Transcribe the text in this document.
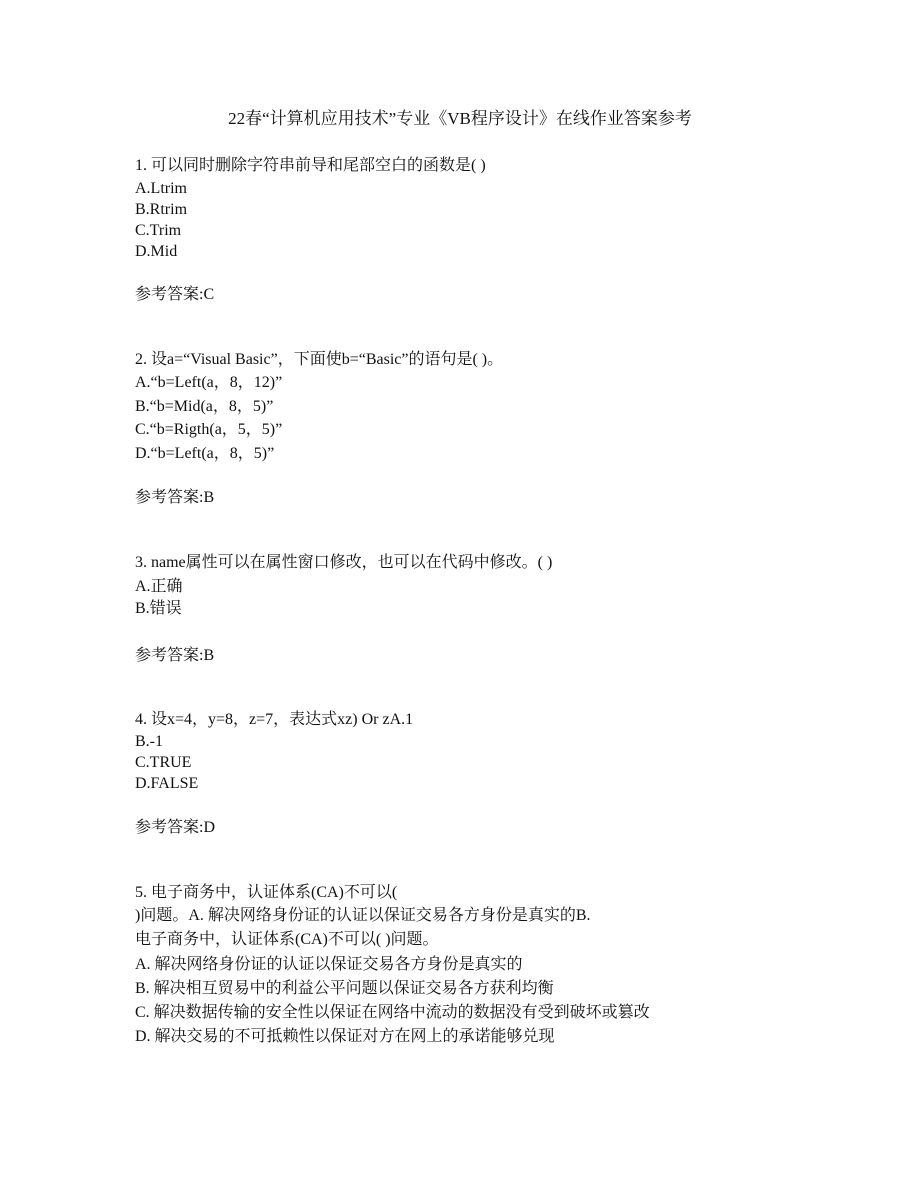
22春“计算机应用技术”专业《VB程序设计》在线作业答案参考
1. 可以同时删除字符串前导和尾部空白的函数是( )
A.Ltrim
B.Rtrim
C.Trim
D.Mid
参考答案:C
2. 设a=“Visual Basic”，下面使b=“Basic”的语句是( )。
A.“b=Left(a，8，12)”
B.“b=Mid(a，8，5)”
C.“b=Rigth(a，5，5)”
D.“b=Left(a，8，5)”
参考答案:B
3. name属性可以在属性窗口修改，也可以在代码中修改。( )
A.正确
B.错误
参考答案:B
4. 设x=4，y=8，z=7，表达式xz) Or zA.1
B.-1
C.TRUE
D.FALSE
参考答案:D
5. 电子商务中，认证体系(CA)不可以(
)问题。A. 解决网络身份证的认证以保证交易各方身份是真实的B.
电子商务中，认证体系(CA)不可以( )问题。
A. 解决网络身份证的认证以保证交易各方身份是真实的
B. 解决相互贸易中的利益公平问题以保证交易各方获利均衡
C. 解决数据传输的安全性以保证在网络中流动的数据没有受到破坏或篡改
D. 解决交易的不可抵赖性以保证对方在网上的承诺能够兑现
